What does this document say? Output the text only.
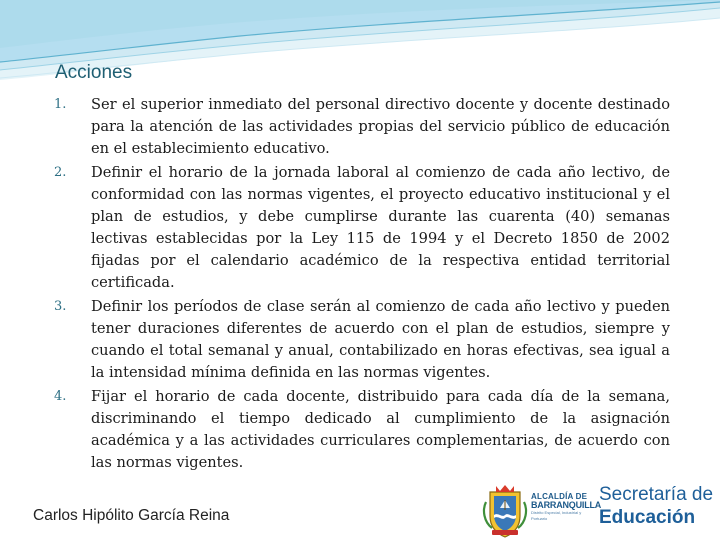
Acciones
1.	Ser el superior inmediato del personal directivo docente y docente destinado para la atención de las actividades propias del servicio público de educación en el establecimiento educativo.
2.	Definir el horario de la jornada laboral al comienzo de cada año lectivo, de conformidad con las normas vigentes, el proyecto educativo institucional y el plan de estudios, y debe cumplirse durante las cuarenta (40) semanas lectivas establecidas por la Ley 115 de 1994 y el Decreto 1850 de 2002 fijadas por el calendario académico de la respectiva entidad territorial certificada.
3.	Definir los períodos de clase serán al comienzo de cada año lectivo y pueden tener duraciones diferentes de acuerdo con el plan de estudios, siempre y cuando el total semanal y anual, contabilizado en horas efectivas, sea igual a la intensidad mínima definida en las normas vigentes.
4.	Fijar el horario de cada docente, distribuido para cada día de la semana, discriminando el tiempo dedicado al cumplimiento de la asignación académica y a las actividades curriculares complementarias, de acuerdo con las normas vigentes.
Carlos Hipólito García Reina
ALCALDÍA DE
BARRANQUILLA
Distrito Especial, Industrial y Portuario
Secretaría de
Educación
